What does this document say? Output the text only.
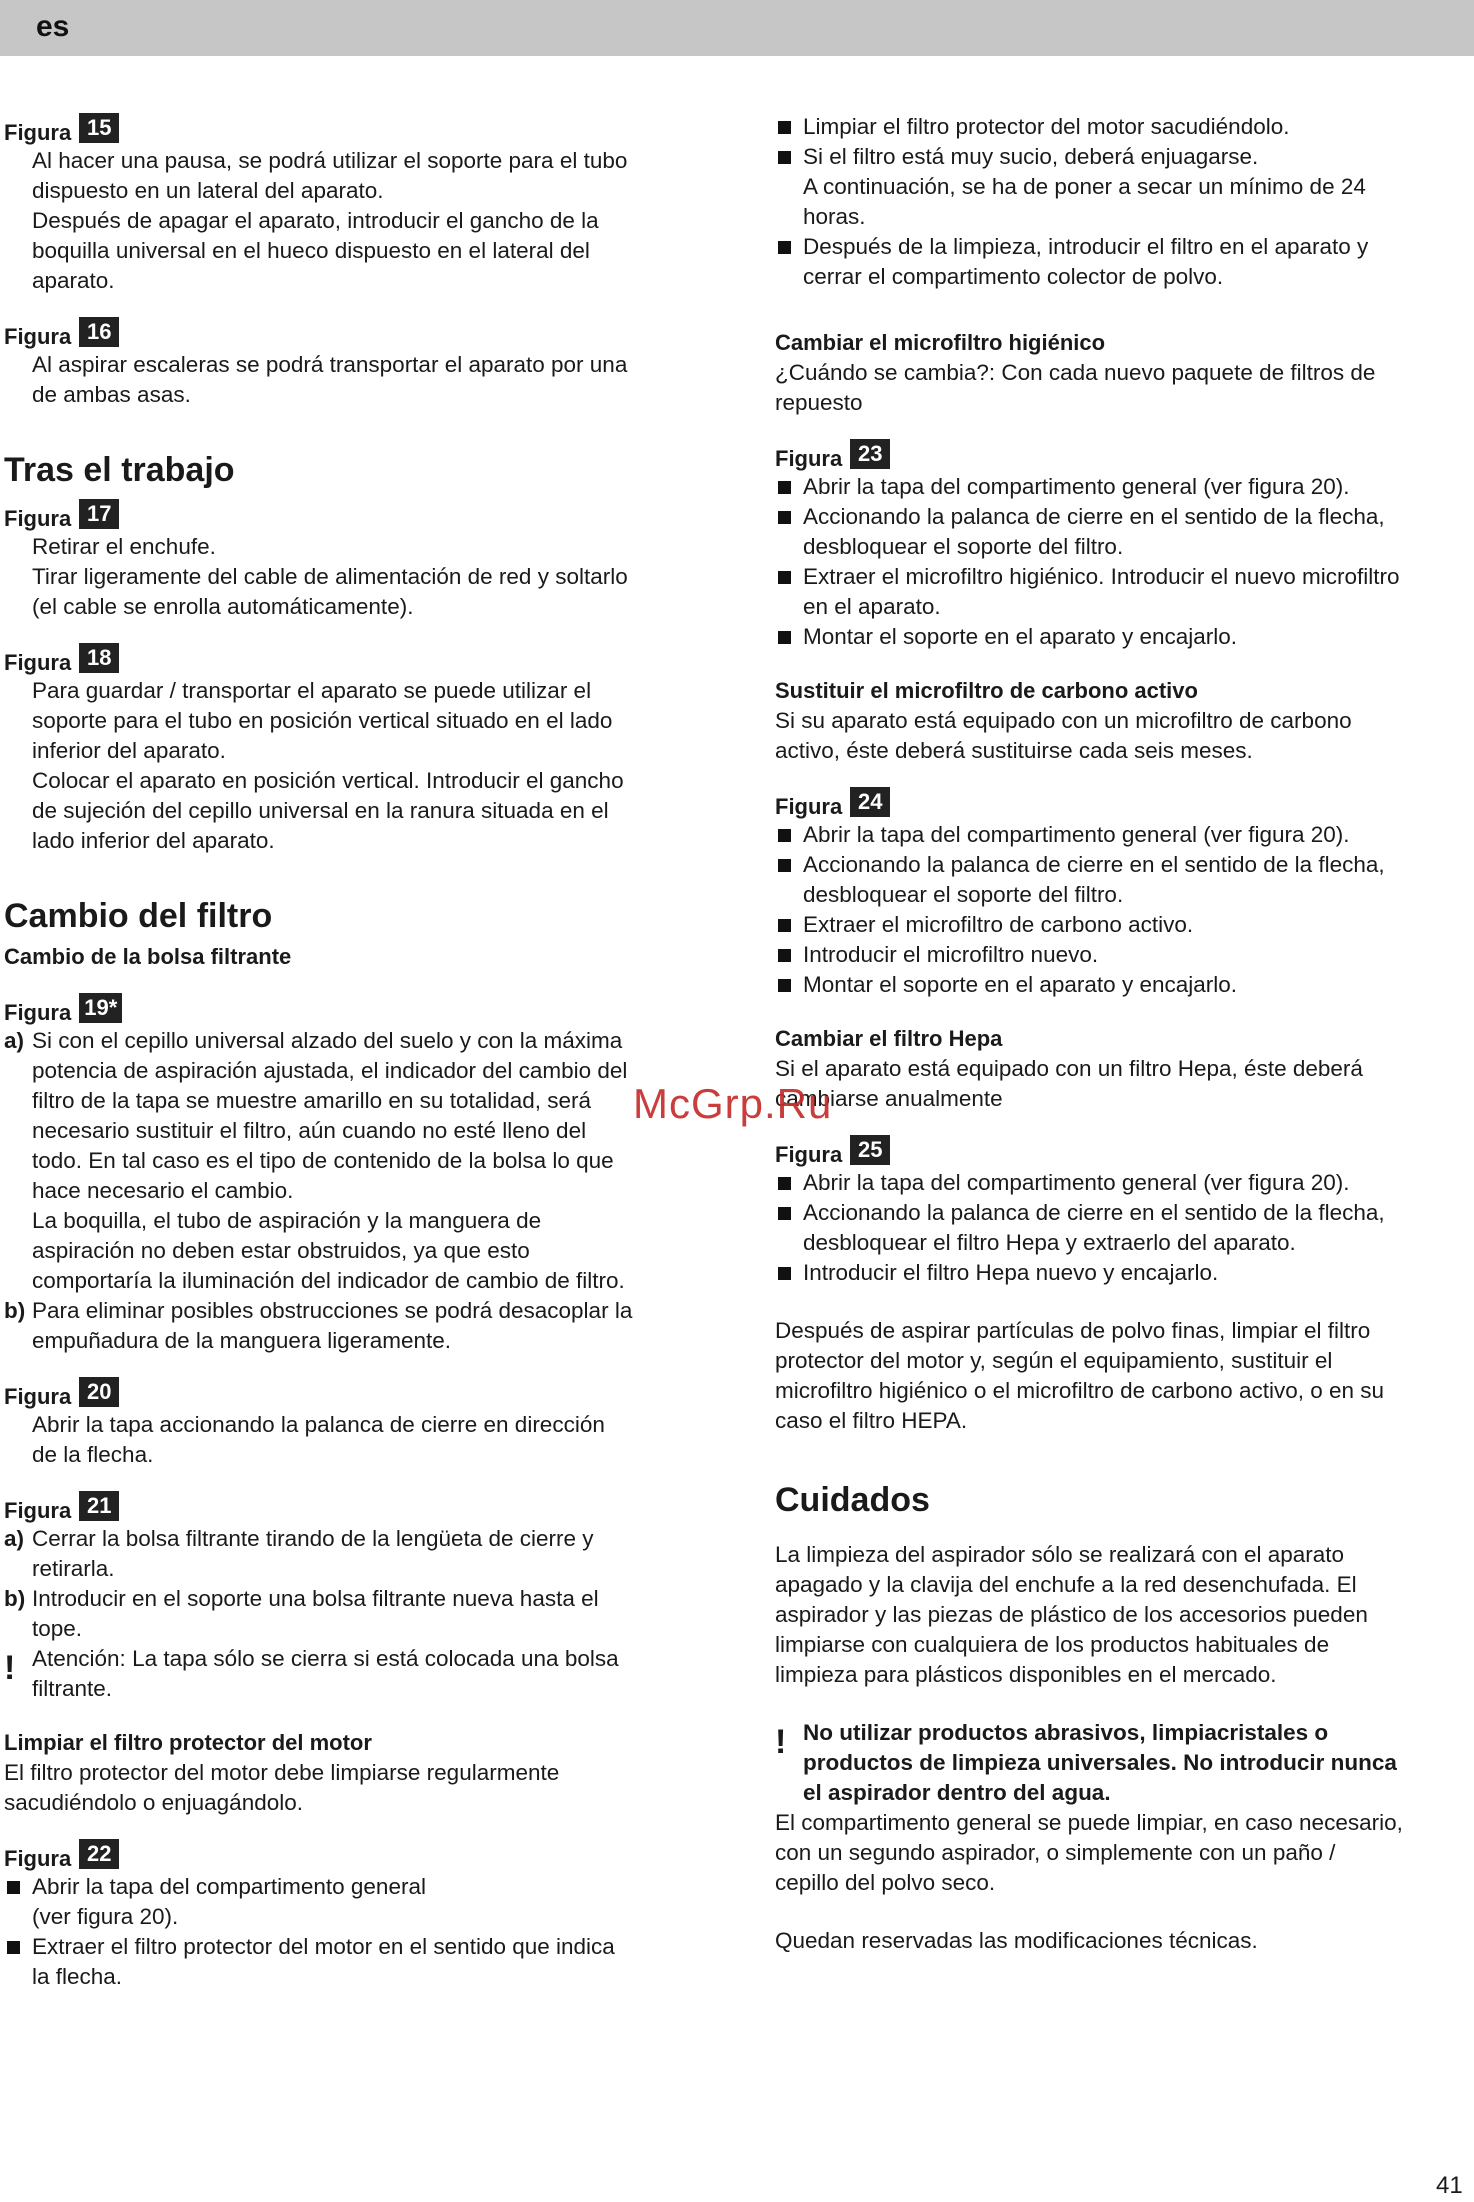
es
Figura 15
Al hacer una pausa, se podrá utilizar el soporte para el tubo
dispuesto en un lateral del aparato.
Después de apagar el aparato, introducir el gancho de la
boquilla universal en el hueco dispuesto en el lateral del
aparato.
Figura 16
Al aspirar escaleras se podrá transportar el aparato por una
de ambas asas.
Tras el trabajo
Figura 17
Retirar el enchufe.
Tirar ligeramente del cable de alimentación de red y soltarlo
(el cable se enrolla automáticamente).
Figura 18
Para guardar / transportar el aparato se puede utilizar el
soporte para el tubo en posición vertical situado en el lado
inferior del aparato.
Colocar el aparato en posición vertical. Introducir el gancho
de sujeción del cepillo universal en la ranura situada en el
lado inferior del aparato.
Cambio del filtro
Cambio de la bolsa filtrante
Figura 19*
a) Si con el cepillo universal alzado del suelo y con la máxima
potencia de aspiración ajustada, el indicador del cambio del
filtro de la tapa se muestre amarillo en su totalidad, será
necesario sustituir el filtro, aún cuando no esté lleno del
todo. En tal caso es el tipo de contenido de la bolsa lo que
hace necesario el cambio.
La boquilla, el tubo de aspiración y la manguera de
aspiración no deben estar obstruidos, ya que esto
comportaría la iluminación del indicador de cambio de filtro.
b) Para eliminar posibles obstrucciones se podrá desacoplar la
empuñadura de la manguera ligeramente.
Figura 20
Abrir la tapa accionando la palanca de cierre en dirección
de la flecha.
Figura 21
a) Cerrar la bolsa filtrante tirando de la lengüeta de cierre y
retirarla.
b) Introducir en el soporte una bolsa filtrante nueva hasta el
tope.
! Atención: La tapa sólo se cierra si está colocada una bolsa
filtrante.
Limpiar el filtro protector del motor
El filtro protector del motor debe limpiarse regularmente
sacudiéndolo o enjuagándolo.
Figura 22
Abrir la tapa del compartimento general
(ver figura 20).
Extraer el filtro protector del motor en el sentido que indica
la flecha.
Limpiar el filtro protector del motor sacudiéndolo.
Si el filtro está muy sucio, deberá enjuagarse.
A continuación, se ha de poner a secar un mínimo de 24
horas.
Después de la limpieza, introducir el filtro en el aparato y
cerrar el compartimento colector de polvo.
Cambiar el microfiltro higiénico
¿Cuándo se cambia?: Con cada nuevo paquete de filtros de
repuesto
Figura 23
Abrir la tapa del compartimento general (ver figura 20).
Accionando la palanca de cierre en el sentido de la flecha,
desbloquear el soporte del filtro.
Extraer el microfiltro higiénico. Introducir el nuevo microfiltro
en el aparato.
Montar el soporte en el aparato y encajarlo.
Sustituir el microfiltro de carbono activo
Si su aparato está equipado con un microfiltro de carbono
activo, éste deberá sustituirse cada seis meses.
Figura 24
Abrir la tapa del compartimento general (ver figura 20).
Accionando la palanca de cierre en el sentido de la flecha,
desbloquear el soporte del filtro.
Extraer el microfiltro de carbono activo.
Introducir el microfiltro nuevo.
Montar el soporte en el aparato y encajarlo.
Cambiar el filtro Hepa
Si el aparato está equipado con un filtro Hepa, éste deberá
cambiarse anualmente
Figura 25
Abrir la tapa del compartimento general (ver figura 20).
Accionando la palanca de cierre en el sentido de la flecha,
desbloquear el filtro Hepa y extraerlo del aparato.
Introducir el filtro Hepa nuevo y encajarlo.
Después de aspirar partículas de polvo finas, limpiar el filtro
protector del motor y, según el equipamiento, sustituir el
microfiltro higiénico o el microfiltro de carbono activo, o en su
caso el filtro HEPA.
Cuidados
La limpieza del aspirador sólo se realizará con el aparato
apagado y la clavija del enchufe a la red desenchufada. El
aspirador y las piezas de plástico de los accesorios pueden
limpiarse con cualquiera de los productos habituales de
limpieza para plásticos disponibles en el mercado.
! No utilizar productos abrasivos, limpiacristales o
productos de limpieza universales. No introducir nunca
el aspirador dentro del agua.
El compartimento general se puede limpiar, en caso necesario,
con un segundo aspirador, o simplemente con un paño /
cepillo del polvo seco.
Quedan reservadas las modificaciones técnicas.
McGrp.Ru
41
